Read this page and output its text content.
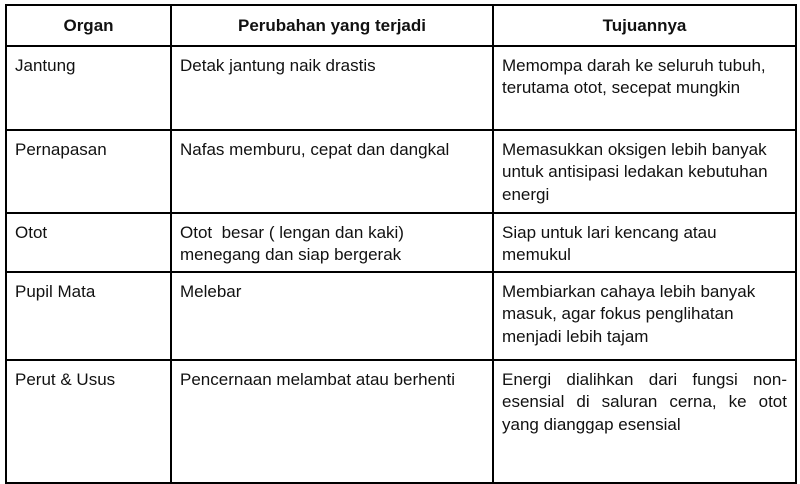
Organ	Perubahan yang terjadi	Tujuannya
Jantung	Detak jantung naik drastis	Memompa darah ke seluruh tubuh, terutama otot, secepat mungkin
Pernapasan	Nafas memburu, cepat dan dangkal	Memasukkan oksigen lebih banyak untuk antisipasi ledakan kebutuhan energi
Otot	Otot  besar ( lengan dan kaki) menegang dan siap bergerak	Siap untuk lari kencang atau memukul
Pupil Mata	Melebar	Membiarkan cahaya lebih banyak masuk, agar fokus penglihatan menjadi lebih tajam
Perut & Usus	Pencernaan melambat atau berhenti	Energi dialihkan dari fungsi non-esensial di saluran cerna, ke otot yang dianggap esensial
